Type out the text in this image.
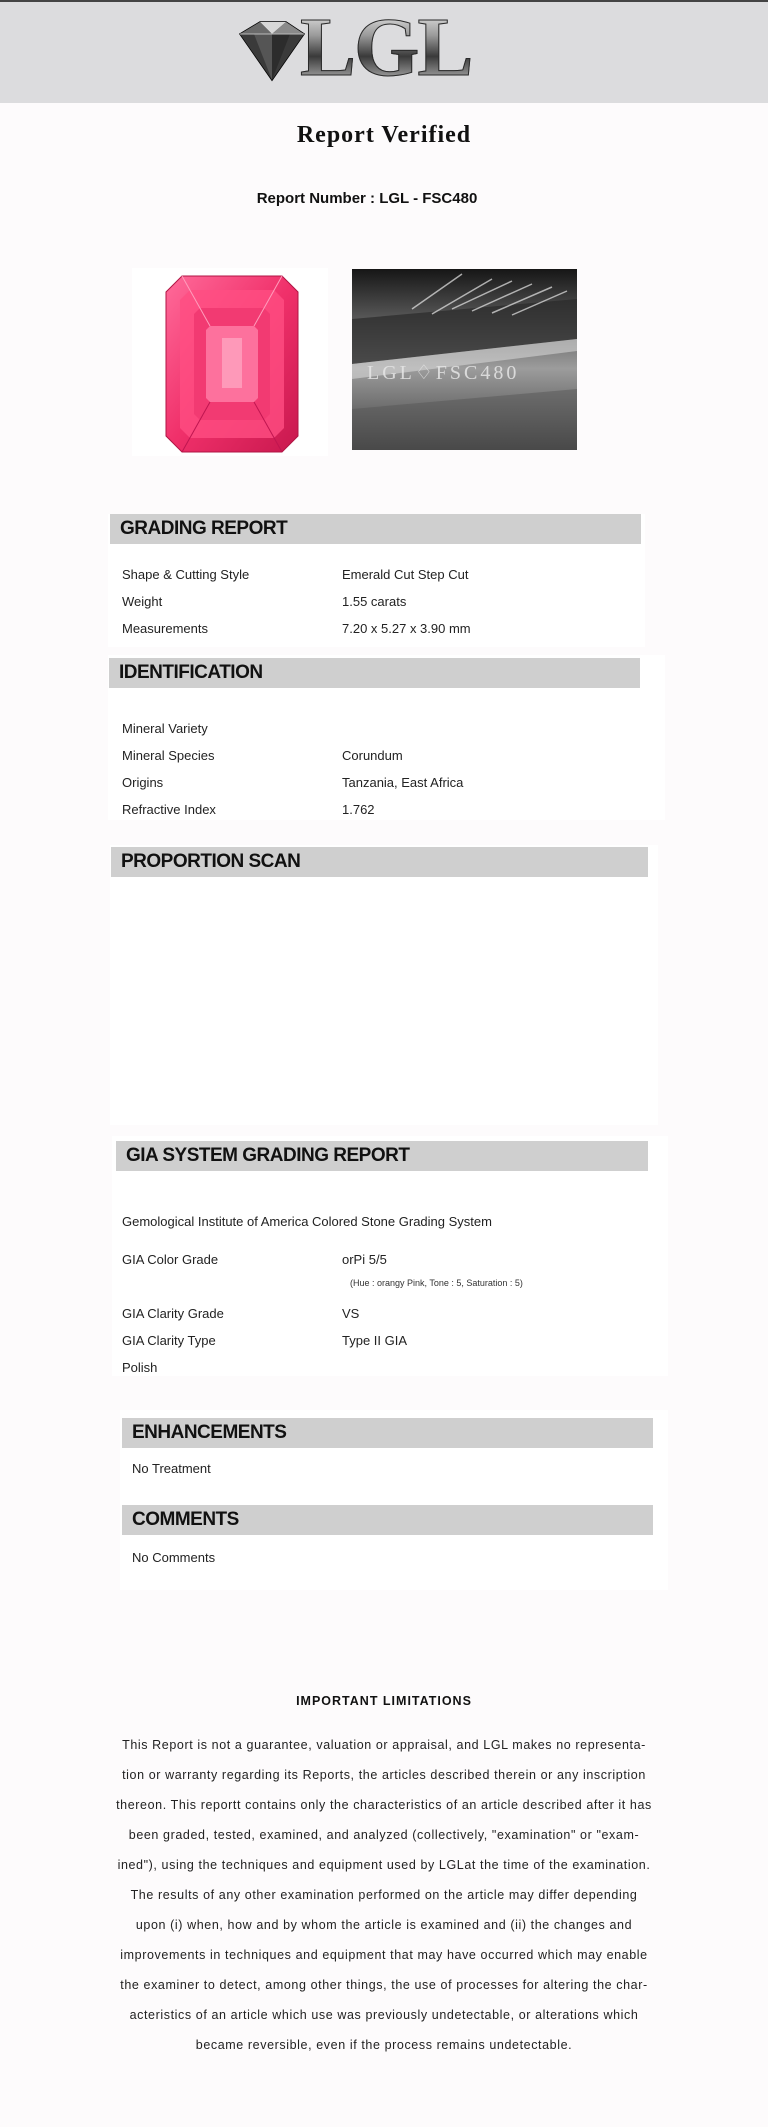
LGL
Report Verified
Report Number : LGL - FSC480
LGL♢FSC480
GRADING REPORT
Shape & Cutting Style	Emerald Cut Step Cut
Weight	1.55 carats
Measurements	7.20 x 5.27 x 3.90 mm
IDENTIFICATION
Mineral Variety
Mineral Species	Corundum
Origins	Tanzania, East Africa
Refractive Index	1.762
PROPORTION SCAN
GIA SYSTEM GRADING REPORT
Gemological Institute of America Colored Stone Grading System
GIA Color Grade	orPi 5/5
(Hue : orangy Pink, Tone : 5, Saturation : 5)
GIA Clarity Grade	VS
GIA Clarity Type	Type II GIA
Polish
ENHANCEMENTS
COMMENTS
No Treatment
No Comments
IMPORTANT LIMITATIONS
This Report is not a guarantee, valuation or appraisal, and LGL makes no representa-
tion or warranty regarding its Reports, the articles described therein or any inscription
thereon. This reportt contains only the characteristics of an article described after it has
been graded, tested, examined, and analyzed (collectively, "examination" or "exam-
ined"), using the techniques and equipment used by LGLat the time of the examination.
The results of any other examination performed on the article may differ depending
upon (i) when, how and by whom the article is examined and (ii) the changes and
improvements in techniques and equipment that may have occurred which may enable
the examiner to detect, among other things, the use of processes for altering the char-
acteristics of an article which use was previously undetectable, or alterations which
became reversible, even if the process remains undetectable.
